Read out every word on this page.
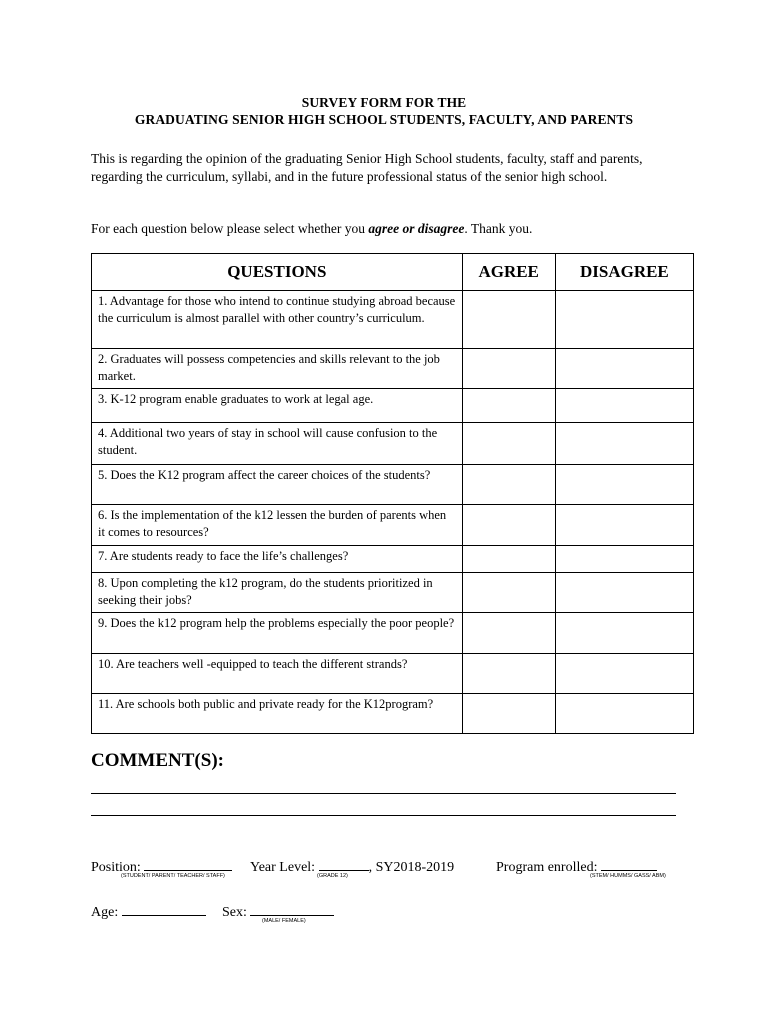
SURVEY FORM FOR THE
GRADUATING SENIOR HIGH SCHOOL STUDENTS, FACULTY, AND PARENTS
This is regarding the opinion of the graduating Senior High School students, faculty, staff and parents, regarding the curriculum, syllabi, and in the future professional status of the senior high school.
For each question below please select whether you agree or disagree. Thank you.
QUESTIONS	AGREE	DISAGREE
1. Advantage for those who intend to continue studying abroad because the curriculum is almost parallel with other country’s curriculum.		
2. Graduates will possess competencies and skills relevant to the job market.		
3. K-12 program enable graduates to work at legal age.		
4. Additional two years of stay in school will cause confusion to the student.		
5. Does the K12 program affect the career choices of the students?		
6. Is the implementation of the k12 lessen the burden of parents when it comes to resources?		
7. Are students ready to face the life’s challenges?		
8. Upon completing the k12 program, do the students prioritized in seeking their jobs?		
9. Does the k12 program help the problems especially the poor people?		
10. Are teachers well -equipped to teach the different strands?		
11. Are schools both public and private ready for the K12program?		
COMMENT(S):
Position:
(STUDENT/ PARENT/ TEACHER/ STAFF)
Year Level:	, SY2018-2019
(GRADE 12)
Program enrolled:
(STEM/ HUMMS/ GASS/ ABM)
Age:	Sex:
(MALE/ FEMALE)
